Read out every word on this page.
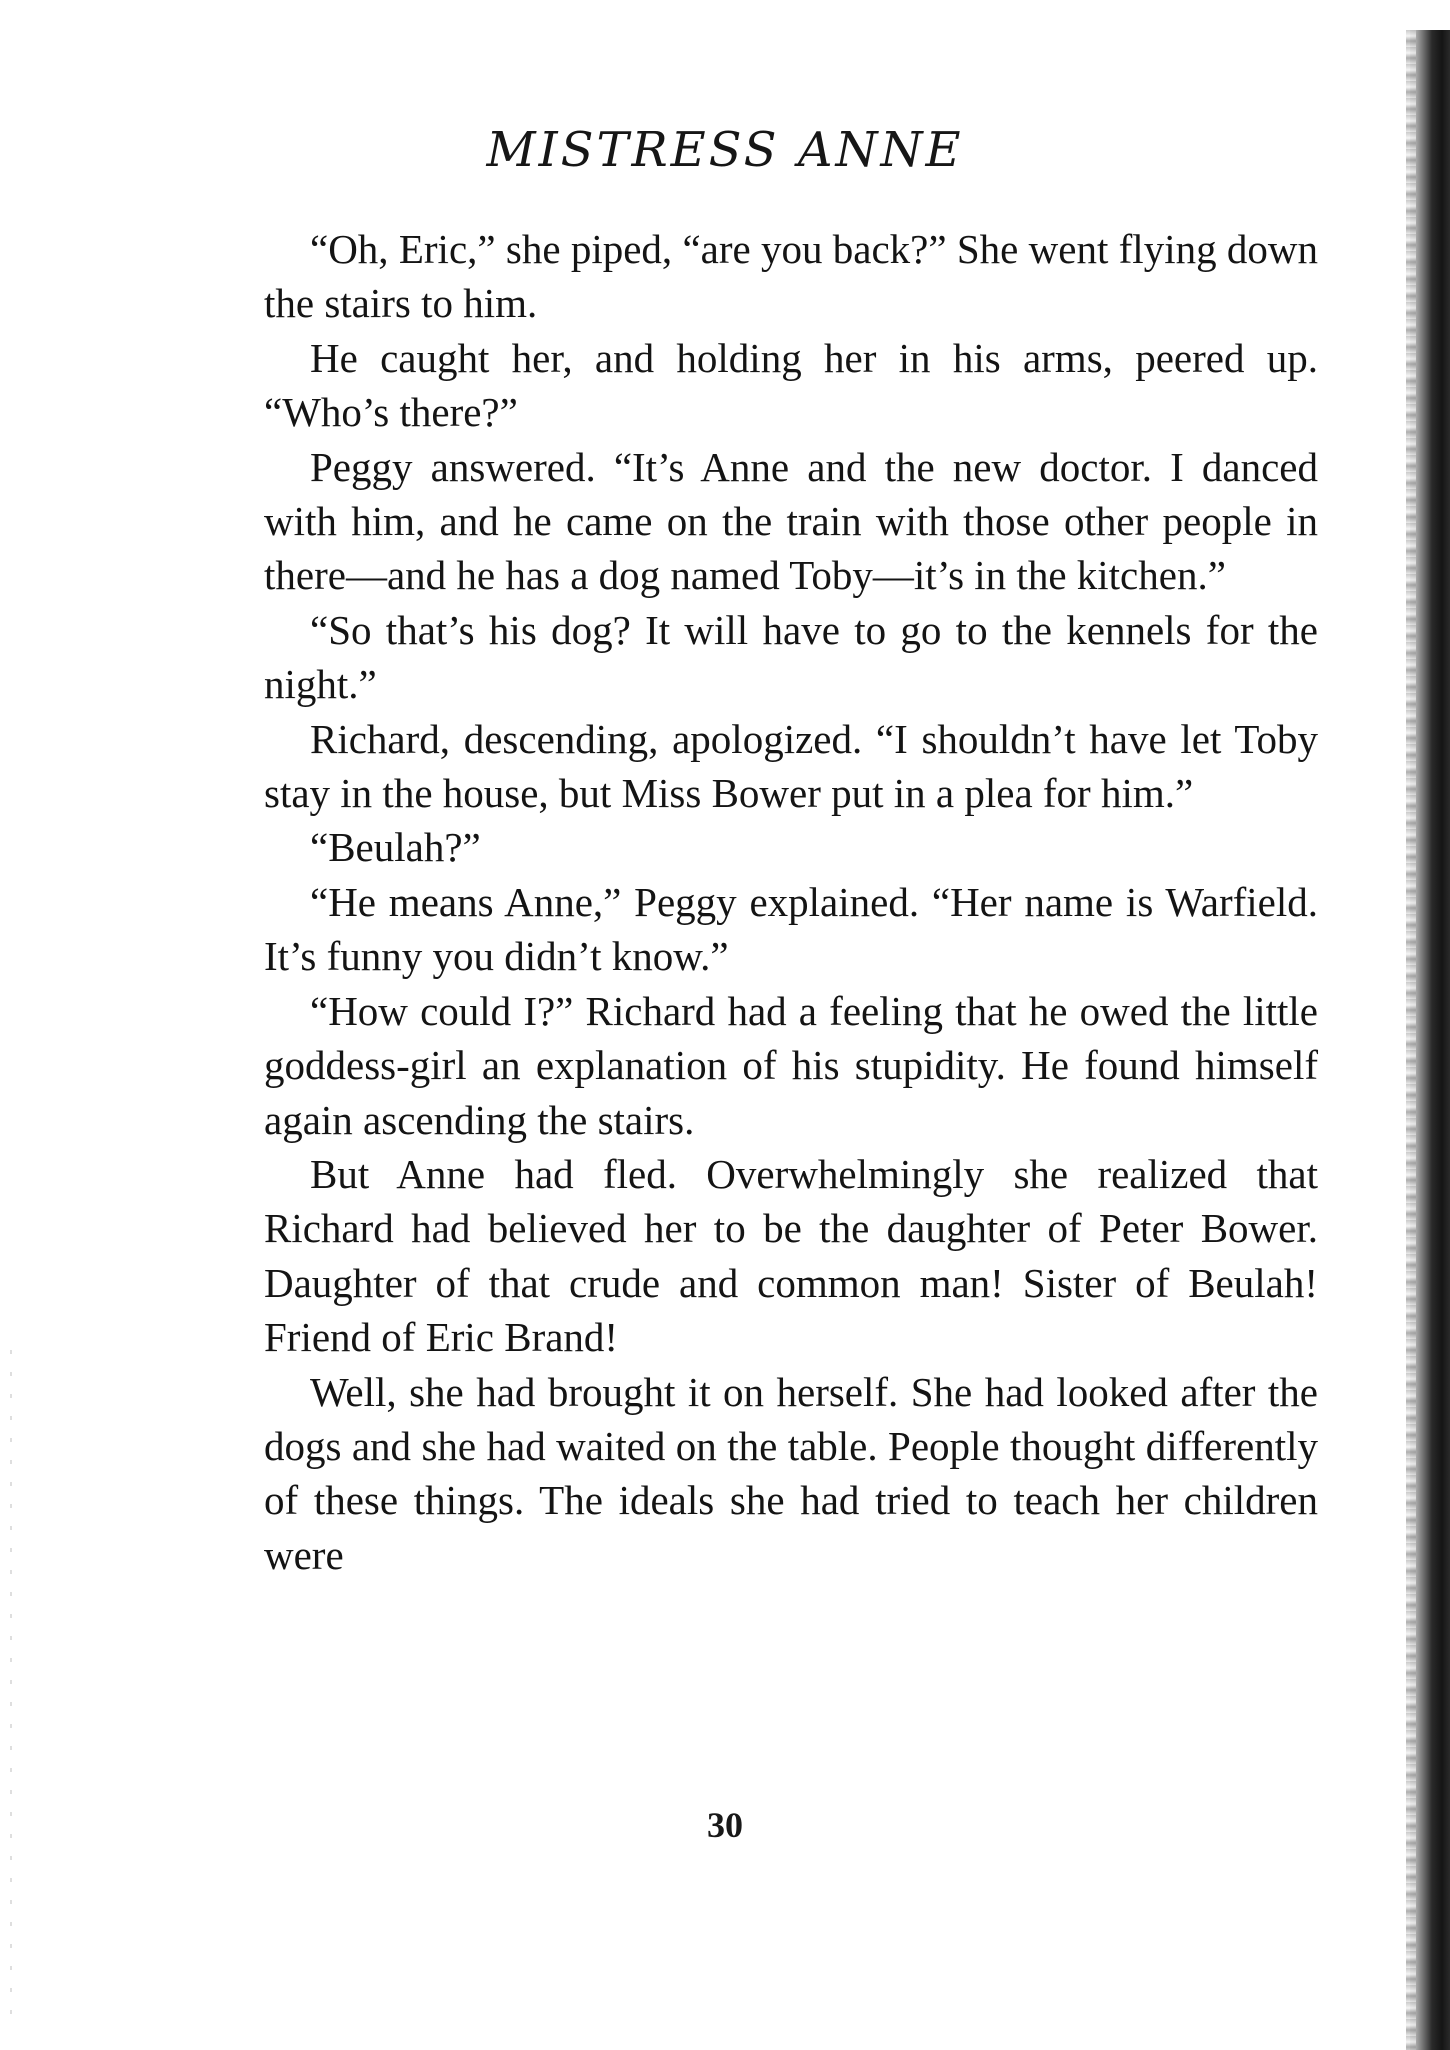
MISTRESS ANNE

“Oh, Eric,” she piped, “are you back?” She went flying down the stairs to him.

He caught her, and holding her in his arms, peered up. “Who’s there?”

Peggy answered. “It’s Anne and the new doctor. I danced with him, and he came on the train with those other people in there—and he has a dog named Toby—it’s in the kitchen.”

“So that’s his dog? It will have to go to the kennels for the night.”

Richard, descending, apologized. “I shouldn’t have let Toby stay in the house, but Miss Bower put in a plea for him.”

“Beulah?”

“He means Anne,” Peggy explained. “Her name is Warfield. It’s funny you didn’t know.”

“How could I?” Richard had a feeling that he owed the little goddess-girl an explanation of his stupidity. He found himself again ascending the stairs.

But Anne had fled. Overwhelmingly she realized that Richard had believed her to be the daughter of Peter Bower. Daughter of that crude and common man! Sister of Beulah! Friend of Eric Brand!

Well, she had brought it on herself. She had looked after the dogs and she had waited on the table. People thought differently of these things. The ideals she had tried to teach her children were

30
